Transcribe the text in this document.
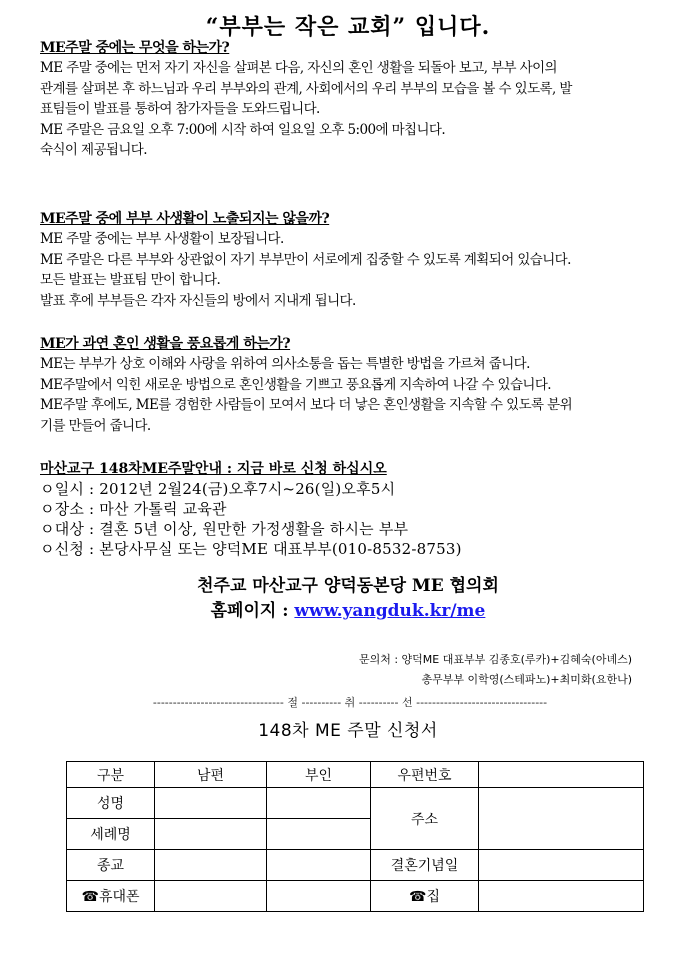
“부부는 작은 교회” 입니다.
ME주말 중에는 무엇을 하는가?
ME 주말 중에는 먼저 자기 자신을 살펴본 다음, 자신의 혼인 생활을 되돌아 보고, 부부 사이의
관계를 살펴본 후 하느님과 우리 부부와의 관계, 사회에서의 우리 부부의 모습을 볼 수 있도록, 발
표팀들이 발표를 통하여 참가자들을 도와드립니다.
ME 주말은 금요일 오후 7:00에 시작 하여 일요일 오후 5:00에 마칩니다.
숙식이 제공됩니다.
ME주말 중에 부부 사생활이 노출되지는 않을까?
ME 주말 중에는 부부 사생활이 보장됩니다.
ME 주말은 다른 부부와 상관없이 자기 부부만이 서로에게 집중할 수 있도록 계획되어 있습니다.
모든 발표는 발표팀 만이 합니다.
발표 후에 부부들은 각자 자신들의 방에서 지내게 됩니다.
ME가 과연 혼인 생활을 풍요롭게 하는가?
ME는 부부가 상호 이해와 사랑을 위하여 의사소통을 돕는 특별한 방법을 가르쳐 줍니다.
ME주말에서 익힌 새로운 방법으로 혼인생활을 기쁘고 풍요롭게 지속하여 나갈 수 있습니다.
ME주말 후에도, ME를 경험한 사람들이 모여서 보다 더 낳은 혼인생활을 지속할 수 있도록 분위
기를 만들어 줍니다.
마산교구 148차ME주말안내 : 지금 바로 신청 하십시오
ㅇ일시 : 2012년 2월24(금)오후7시~26(일)오후5시
ㅇ장소 : 마산 가톨릭 교육관
ㅇ대상 : 결혼 5년 이상, 원만한 가정생활을 하시는 부부
ㅇ신청 : 본당사무실 또는 양덕ME 대표부부(010-8532-8753)
천주교 마산교구 양덕동본당 ME 협의회
홈페이지 : www.yangduk.kr/me
문의처 : 양덕ME 대표부부 김종호(루카)+김혜숙(아녜스)
총무부부 이학영(스테파노)+최미화(요한나)
--------------------------------- 절 ---------- 취 ---------- 선 ---------------------------------
148차 ME 주말 신청서
구분	남편	부인	우편번호	
성명			주소	
세례명				
종교			결혼기념일	
☎휴대폰			☎집	
